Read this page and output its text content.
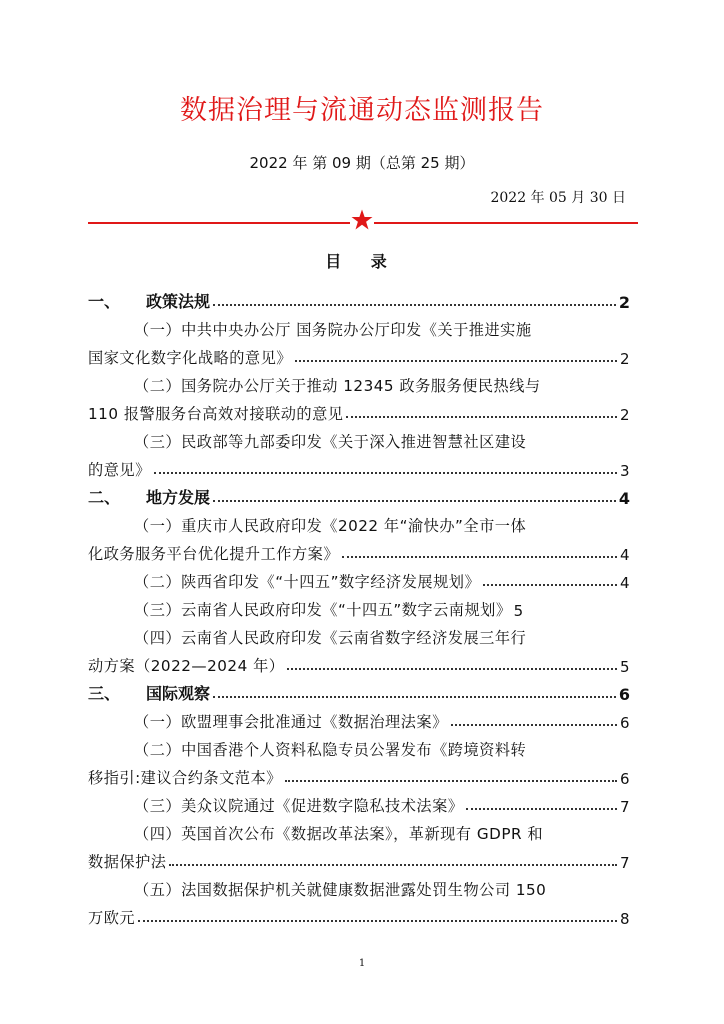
数据治理与流通动态监测报告
2022 年 第 09 期（总第 25 期）
2022 年 05 月 30 日
目 录
一、 政策法规	2
（一）中共中央办公厅 国务院办公厅印发《关于推进实施
国家文化数字化战略的意见》	2
（二）国务院办公厅关于推动 12345 政务服务便民热线与
110 报警服务台高效对接联动的意见	2
（三）民政部等九部委印发《关于深入推进智慧社区建设
的意见》	3
二、 地方发展	4
（一）重庆市人民政府印发《2022 年“渝快办”全市一体
化政务服务平台优化提升工作方案》	4
（二）陕西省印发《“十四五”数字经济发展规划》	4
（三）云南省人民政府印发《“十四五”数字云南规划》 5
（四）云南省人民政府印发《云南省数字经济发展三年行
动方案（2022—2024 年）	5
三、 国际观察	6
（一）欧盟理事会批准通过《数据治理法案》	6
（二）中国香港个人资料私隐专员公署发布《跨境资料转
移指引:建议合约条文范本》	6
（三）美众议院通过《促进数字隐私技术法案》	7
（四）英国首次公布《数据改革法案》，革新现有 GDPR 和
数据保护法	7
（五）法国数据保护机关就健康数据泄露处罚生物公司 150
万欧元	8
1
